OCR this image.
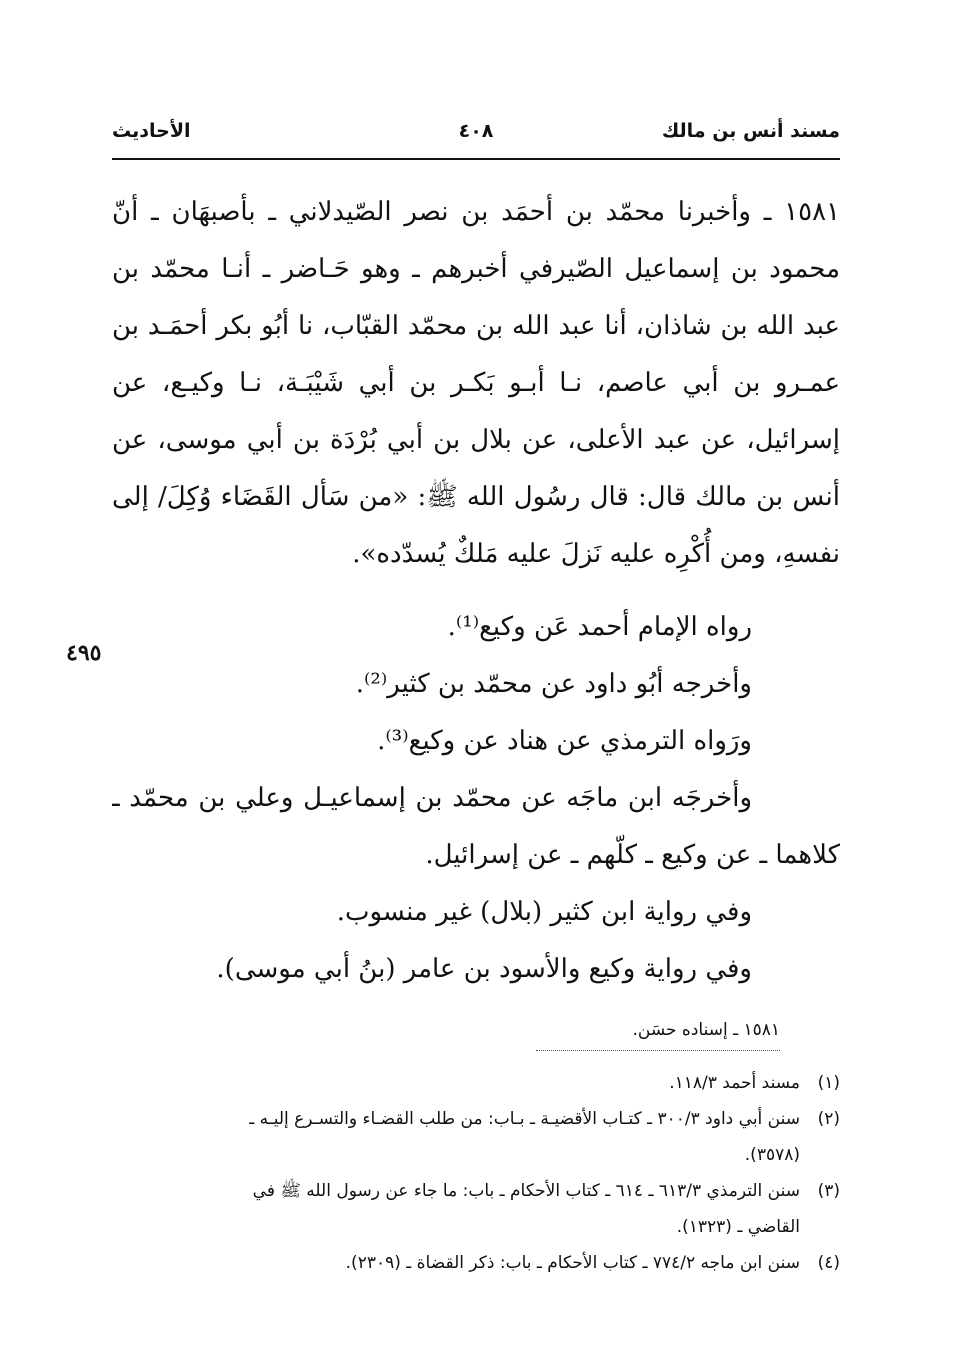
مسند أنس بن مالك
٤٠٨
الأحاديث
٤٩٥
١٥٨١ ـ وأخبرنا محمّد بن أحمَد بن نصر الصّيدلاني ـ بأصبهَان ـ أنّ
محمود بن إسماعيل الصّيرفي أخبرهم ـ وهو حَـاضر ـ أنـا محمّد بن
عبد الله بن شاذان، أنا عبد الله بن محمّد القبّاب، نا أبُو بكر أحمَـد بن
عمـرو بن أبي عاصم، نـا أبـو بَكـر بن أبي شَيْبَـة، نـا وكيـع، عن
إسرائيل، عن عبد الأعلى، عن بلال بن أبي بُرْدَة بن أبي موسى، عن
أنس بن مالك قال: قال رسُول الله ﷺ: «من سَأل القَضَاء وُكِلَ/ إلى
نفسهِ، ومن أُكْرِه عليه نَزلَ عليه مَلكٌ يُسدّده».
رواه الإمام أحمد عَن وكيع⁽¹⁾.
وأخرجه أبُو داود عن محمّد بن كثير⁽²⁾.
ورَواه الترمذي عن هناد عن وكيع⁽³⁾.
وأخرجَه ابن ماجَه عن محمّد بن إسماعيـل وعلي بن محمّد ـ
كلاهما ـ عن وكيع ـ كلّهم ـ عن إسرائيل.
وفي رواية ابن كثير (بلال) غير منسوب.
وفي رواية وكيع والأسود بن عامر (بنُ أبي موسى).
١٥٨١ ـ إسناده حسَن.
(١)مسند أحمد ١١٨/٣.
(٢)سنن أبي داود ٣٠٠/٣ ـ كتـاب الأقضيـة ـ بـاب: من طلب القضـاء والتسـرع إليـه ـ
(٣٥٧٨).
(٣)سنن الترمذي ٦١٣/٣ ـ ٦١٤ ـ كتاب الأحكام ـ باب: ما جاء عن رسول الله ﷺ في
القاضي ـ (١٣٢٣).
(٤)سنن ابن ماجه ٧٧٤/٢ ـ كتاب الأحكام ـ باب: ذكر القضاة ـ (٢٣٠٩).
